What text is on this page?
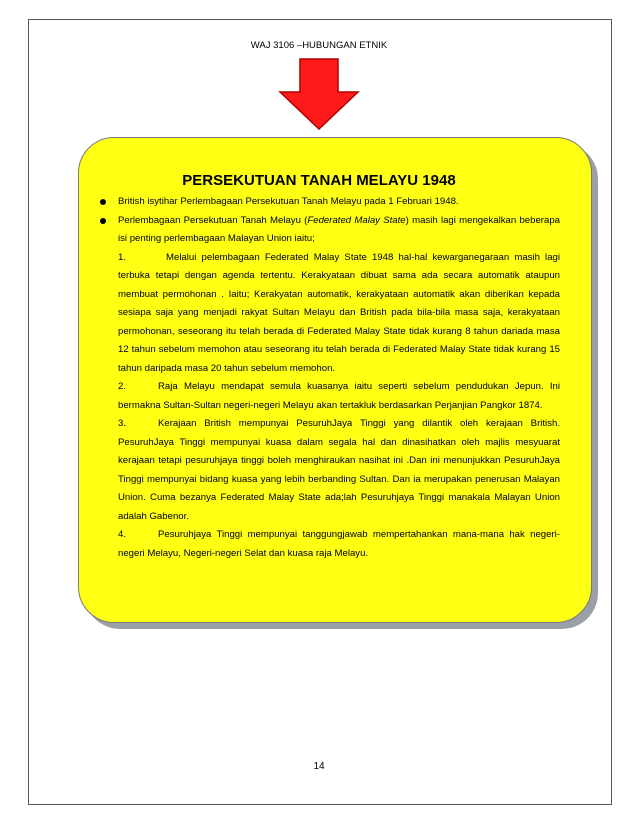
WAJ 3106 –HUBUNGAN ETNIK
PERSEKUTUAN TANAH MELAYU 1948
British isytihar Perlembagaan Persekutuan Tanah Melayu pada 1 Februari 1948.
Perlembagaan Persekutuan Tanah Melayu (Federated Malay State) masih lagi mengekalkan beberapa isi penting perlembagaan Malayan Union iaitu;

1.	Melalui pelembagaan Federated Malay State 1948 hal-hal kewarganegaraan masih lagi terbuka tetapi dengan agenda tertentu. Kerakyataan dibuat sama ada secara automatik ataupun membuat permohonan . Iaitu; Kerakyatan automatik, kerakyataan automatik akan diberikan kepada sesiapa saja yang menjadi rakyat Sultan Melayu dan British pada bila-bila masa saja, kerakyataan permohonan, seseorang itu telah berada di Federated Malay State tidak kurang 8 tahun dariada masa 12 tahun sebelum memohon atau seseorang itu telah berada di Federated Malay State tidak kurang 15 tahun daripada masa 20 tahun sebelum memohon.

2.	Raja Melayu mendapat semula kuasanya iaitu seperti sebelum pendudukan Jepun. Ini bermakna Sultan-Sultan negeri-negeri Melayu akan tertakluk berdasarkan Perjanjian Pangkor 1874.

3.	Kerajaan British mempunyai PesuruhJaya Tinggi yang dilantik oleh kerajaan British. PesuruhJaya Tinggi mempunyai kuasa dalam segala hal dan dinasihatkan oleh majlis mesyuarat kerajaan tetapi pesuruhjaya tinggi boleh menghiraukan nasihat ini .Dan ini menunjukkan PesuruhJaya Tinggi mempunyai bidang kuasa yang lebih berbanding Sultan. Dan ia merupakan penerusan Malayan Union. Cuma bezanya Federated Malay State ada;lah Pesuruhjaya Tinggi manakala Malayan Union adalah Gabenor.

4.	Pesuruhjaya Tinggi mempunyai tanggungjawab mempertahankan mana-mana hak negeri-negeri Melayu, Negeri-negeri Selat dan kuasa raja Melayu.

14
